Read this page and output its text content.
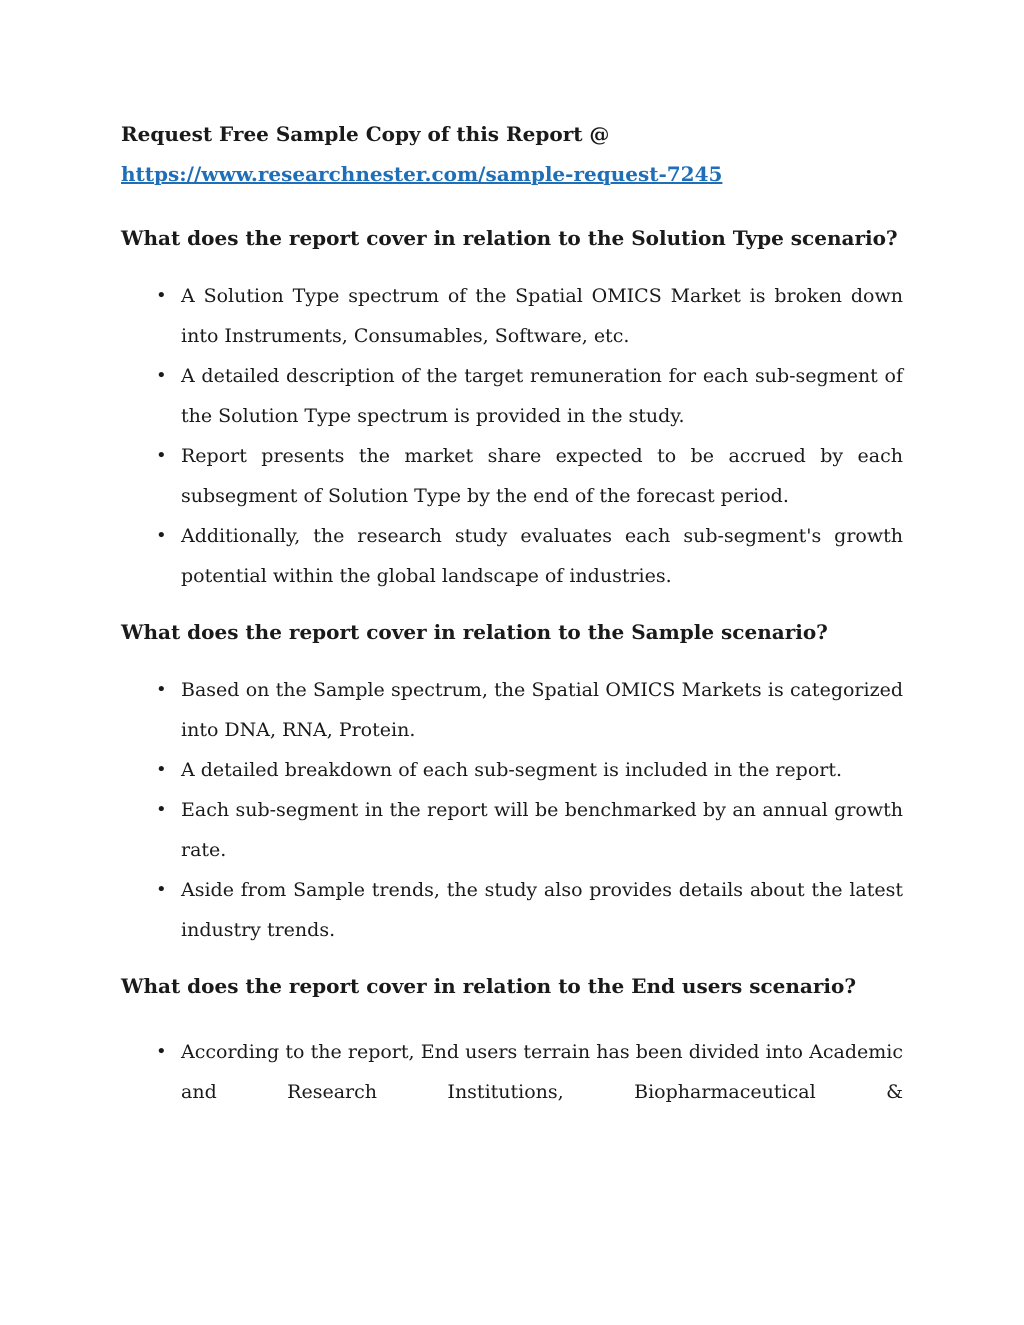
Request Free Sample Copy of this Report @

https://www.researchnester.com/sample-request-7245
What does the report cover in relation to the Solution Type scenario?
• A Solution Type spectrum of the Spatial OMICS Market is broken down into Instruments, Consumables, Software, etc.
• A detailed description of the target remuneration for each sub-segment of the Solution Type spectrum is provided in the study.
• Report presents the market share expected to be accrued by each subsegment of Solution Type by the end of the forecast period.
• Additionally, the research study evaluates each sub-segment's growth potential within the global landscape of industries.
What does the report cover in relation to the Sample scenario?
• Based on the Sample spectrum, the Spatial OMICS Markets is categorized into DNA, RNA, Protein.
• A detailed breakdown of each sub-segment is included in the report.
• Each sub-segment in the report will be benchmarked by an annual growth rate.
• Aside from Sample trends, the study also provides details about the latest industry trends.
What does the report cover in relation to the End users scenario?
• According to the report, End users terrain has been divided into Academic and Research Institutions, Biopharmaceutical &
